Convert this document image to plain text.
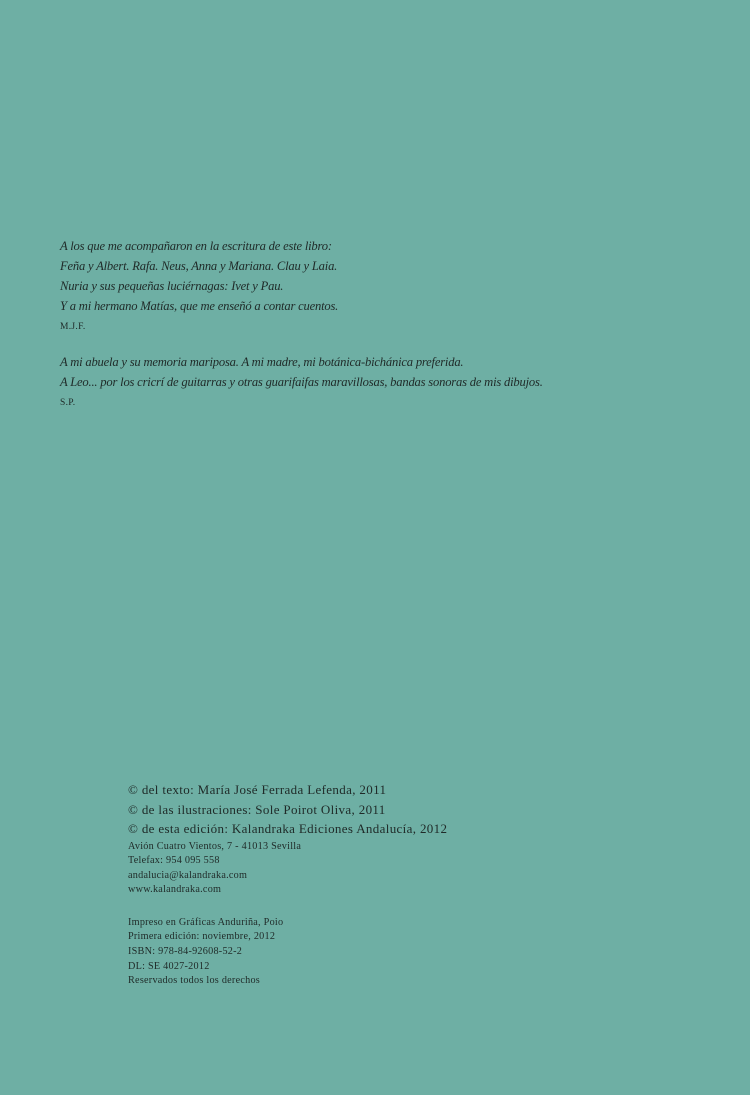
A los que me acompañaron en la escritura de este libro:
Feña y Albert. Rafa. Neus, Anna y Mariana. Clau y Laia.
Nuria y sus pequeñas luciérnagas: Ivet y Pau.
Y a mi hermano Matías, que me enseñó a contar cuentos.
M.J.F.
A mi abuela y su memoria mariposa. A mi madre, mi botánica-bichánica preferida.
A Leo... por los cricrí de guitarras y otras guarifaifas maravillosas, bandas sonoras de mis dibujos.
S.P.
© del texto: María José Ferrada Lefenda, 2011
© de las ilustraciones: Sole Poirot Oliva, 2011
© de esta edición: Kalandraka Ediciones Andalucía, 2012
Avión Cuatro Vientos, 7 - 41013 Sevilla
Telefax: 954 095 558
andalucia@kalandraka.com
www.kalandraka.com
Impreso en Gráficas Anduriña, Poio
Primera edición: noviembre, 2012
ISBN: 978-84-92608-52-2
DL: SE 4027-2012
Reservados todos los derechos
